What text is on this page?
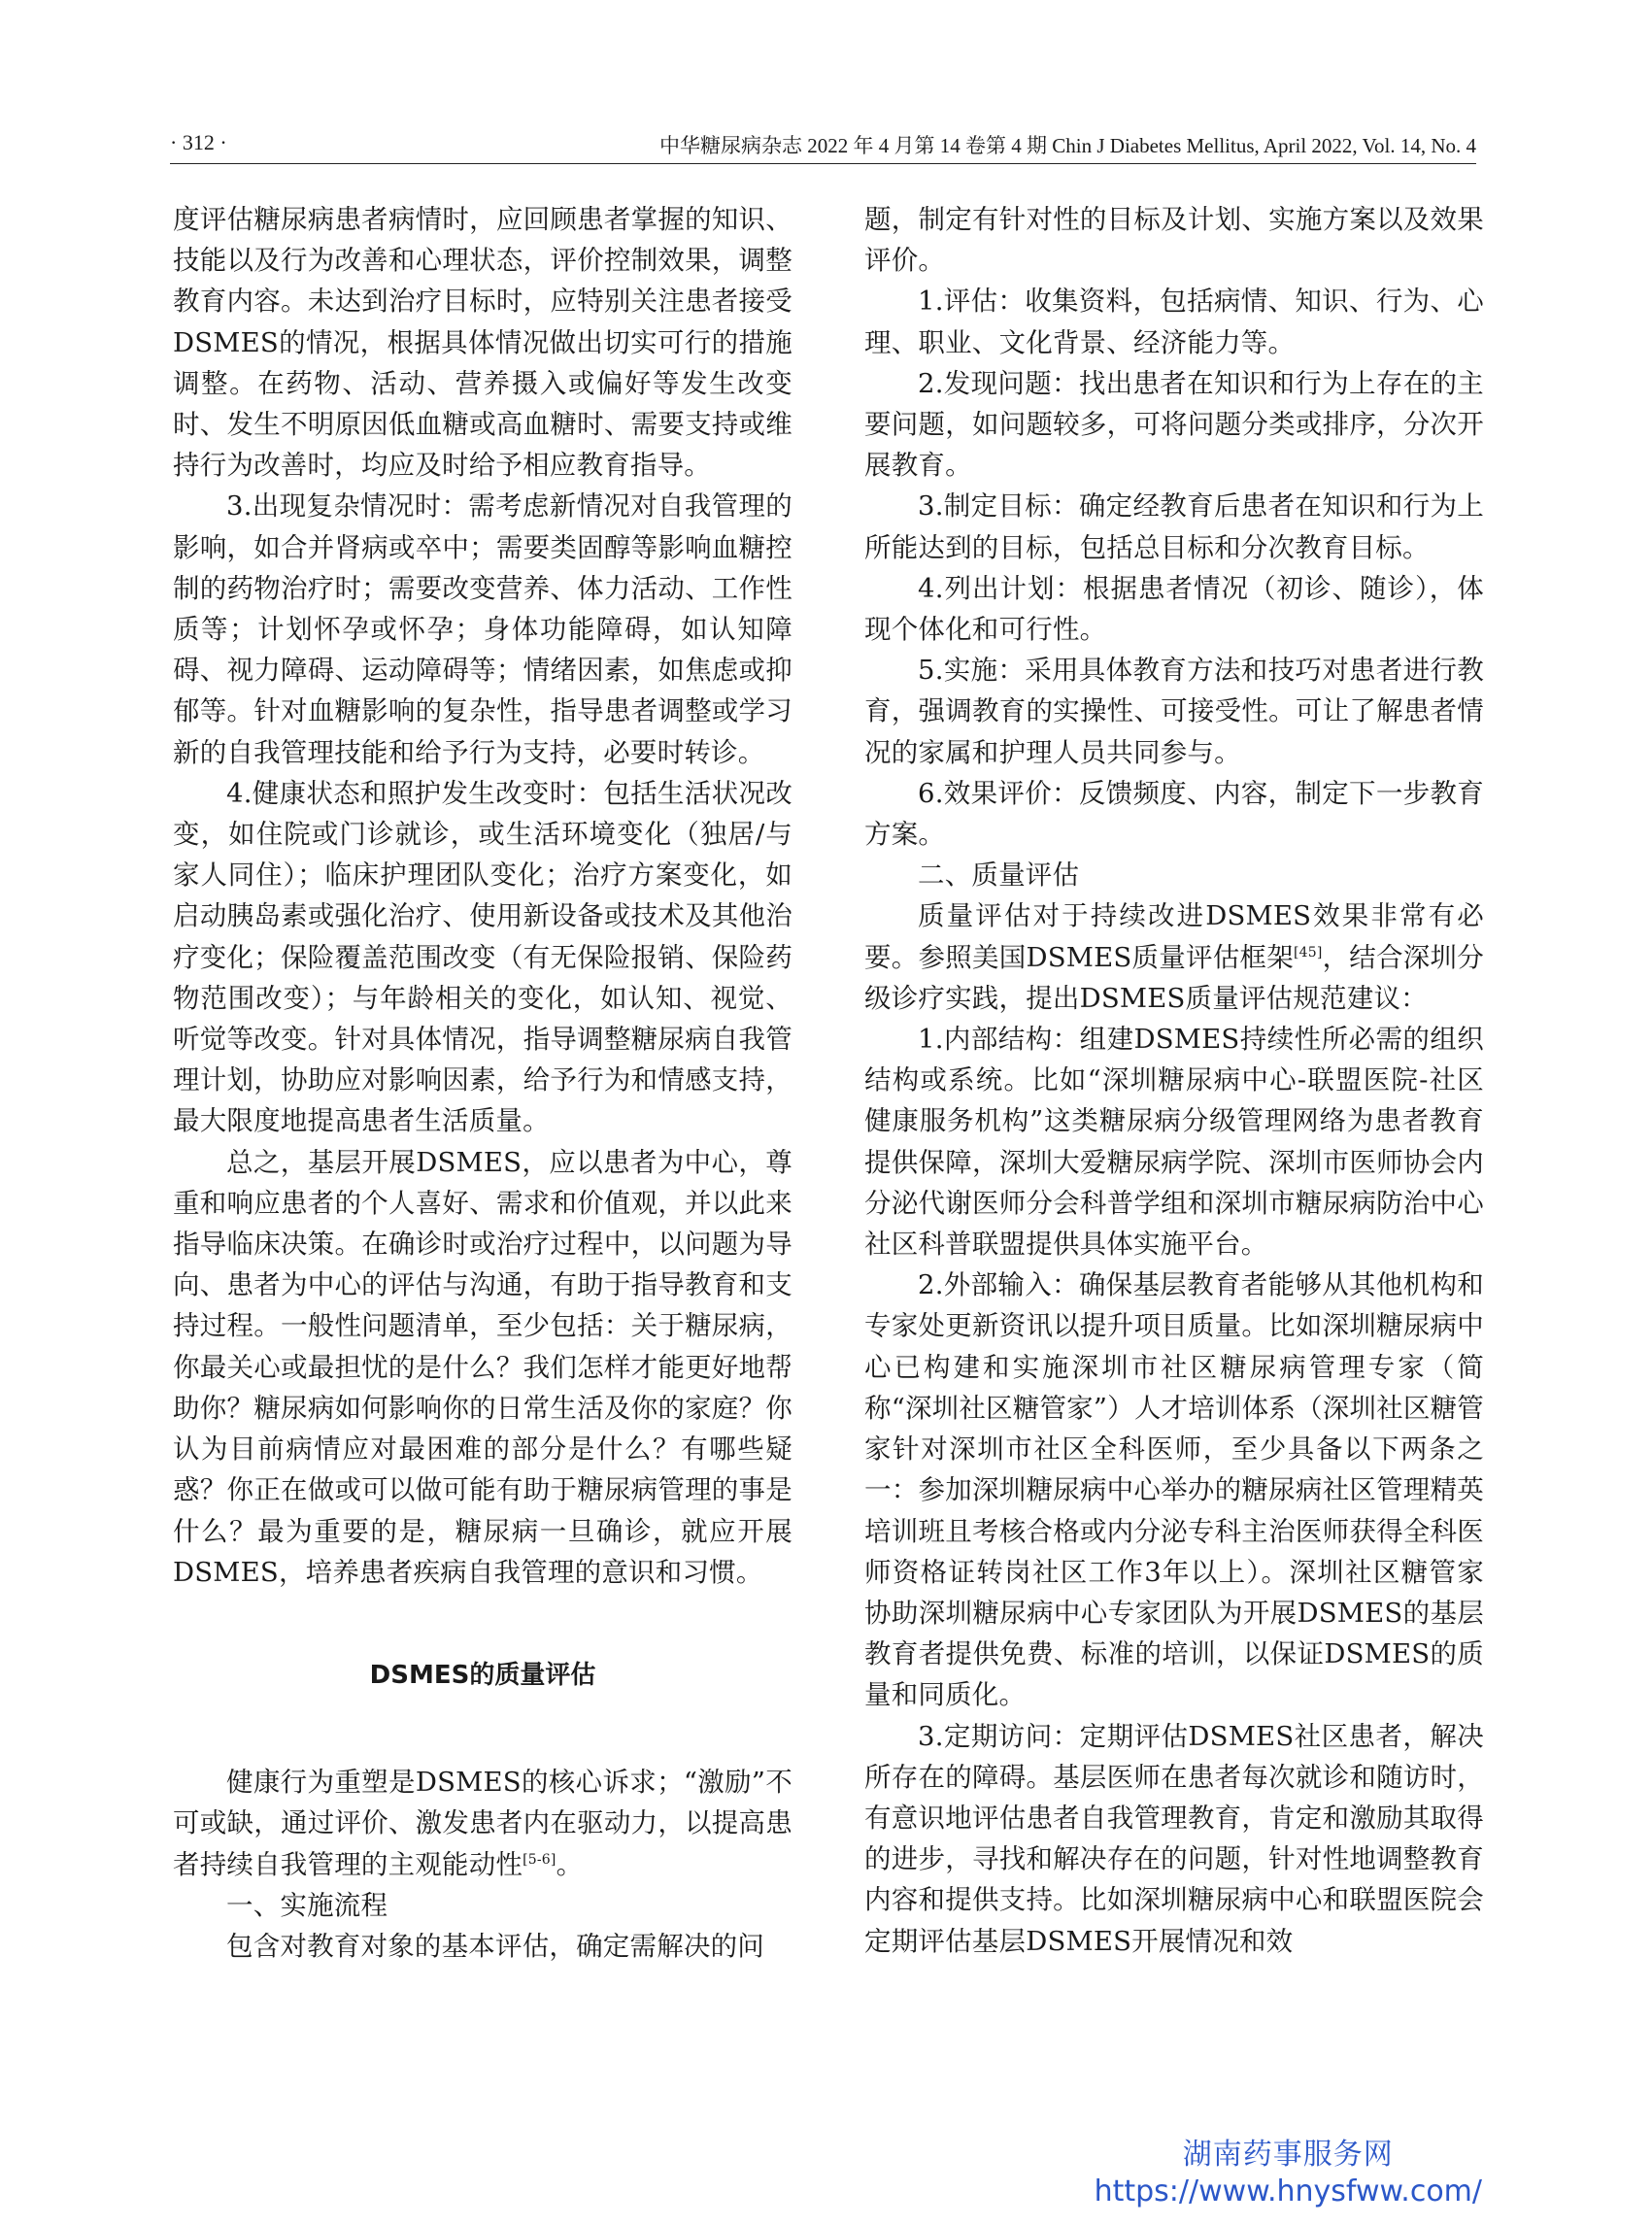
· 312 ·	中华糖尿病杂志 2022 年 4 月第 14 卷第 4 期 Chin J Diabetes Mellitus, April 2022, Vol. 14, No. 4

度评估糖尿病患者病情时，应回顾患者掌握的知识、技能以及行为改善和心理状态，评价控制效果，调整教育内容。未达到治疗目标时，应特别关注患者接受DSMES的情况，根据具体情况做出切实可行的措施调整。在药物、活动、营养摄入或偏好等发生改变时、发生不明原因低血糖或高血糖时、需要支持或维持行为改善时，均应及时给予相应教育指导。

3.出现复杂情况时：需考虑新情况对自我管理的影响，如合并肾病或卒中；需要类固醇等影响血糖控制的药物治疗时；需要改变营养、体力活动、工作性质等；计划怀孕或怀孕；身体功能障碍，如认知障碍、视力障碍、运动障碍等；情绪因素，如焦虑或抑郁等。针对血糖影响的复杂性，指导患者调整或学习新的自我管理技能和给予行为支持，必要时转诊。

4.健康状态和照护发生改变时：包括生活状况改变，如住院或门诊就诊，或生活环境变化（独居/与家人同住）；临床护理团队变化；治疗方案变化，如启动胰岛素或强化治疗、使用新设备或技术及其他治疗变化；保险覆盖范围改变（有无保险报销、保险药物范围改变）；与年龄相关的变化，如认知、视觉、听觉等改变。针对具体情况，指导调整糖尿病自我管理计划，协助应对影响因素，给予行为和情感支持，最大限度地提高患者生活质量。

总之，基层开展DSMES，应以患者为中心，尊重和响应患者的个人喜好、需求和价值观，并以此来指导临床决策。在确诊时或治疗过程中，以问题为导向、患者为中心的评估与沟通，有助于指导教育和支持过程。一般性问题清单，至少包括：关于糖尿病，你最关心或最担忧的是什么？我们怎样才能更好地帮助你？糖尿病如何影响你的日常生活及你的家庭？你认为目前病情应对最困难的部分是什么？有哪些疑惑？你正在做或可以做可能有助于糖尿病管理的事是什么？最为重要的是，糖尿病一旦确诊，就应开展DSMES，培养患者疾病自我管理的意识和习惯。

DSMES的质量评估

健康行为重塑是DSMES的核心诉求；“激励”不可或缺，通过评价、激发患者内在驱动力，以提高患者持续自我管理的主观能动性[5-6]。

一、实施流程

包含对教育对象的基本评估，确定需解决的问

题，制定有针对性的目标及计划、实施方案以及效果评价。

1.评估：收集资料，包括病情、知识、行为、心理、职业、文化背景、经济能力等。

2.发现问题：找出患者在知识和行为上存在的主要问题，如问题较多，可将问题分类或排序，分次开展教育。

3.制定目标：确定经教育后患者在知识和行为上所能达到的目标，包括总目标和分次教育目标。

4.列出计划：根据患者情况（初诊、随诊），体现个体化和可行性。

5.实施：采用具体教育方法和技巧对患者进行教育，强调教育的实操性、可接受性。可让了解患者情况的家属和护理人员共同参与。

6.效果评价：反馈频度、内容，制定下一步教育方案。

二、质量评估

质量评估对于持续改进DSMES效果非常有必要。参照美国DSMES质量评估框架[45]，结合深圳分级诊疗实践，提出DSMES质量评估规范建议：

1.内部结构：组建DSMES持续性所必需的组织结构或系统。比如“深圳糖尿病中心-联盟医院-社区健康服务机构”这类糖尿病分级管理网络为患者教育提供保障，深圳大爱糖尿病学院、深圳市医师协会内分泌代谢医师分会科普学组和深圳市糖尿病防治中心社区科普联盟提供具体实施平台。

2.外部输入：确保基层教育者能够从其他机构和专家处更新资讯以提升项目质量。比如深圳糖尿病中心已构建和实施深圳市社区糖尿病管理专家（简称“深圳社区糖管家”）人才培训体系（深圳社区糖管家针对深圳市社区全科医师，至少具备以下两条之一：参加深圳糖尿病中心举办的糖尿病社区管理精英培训班且考核合格或内分泌专科主治医师获得全科医师资格证转岗社区工作3年以上）。深圳社区糖管家协助深圳糖尿病中心专家团队为开展DSMES的基层教育者提供免费、标准的培训，以保证DSMES的质量和同质化。

3.定期访问：定期评估DSMES社区患者，解决所存在的障碍。基层医师在患者每次就诊和随访时，有意识地评估患者自我管理教育，肯定和激励其取得的进步，寻找和解决存在的问题，针对性地调整教育内容和提供支持。比如深圳糖尿病中心和联盟医院会定期评估基层DSMES开展情况和效

湖南药事服务网
https://www.hnysfww.com/
